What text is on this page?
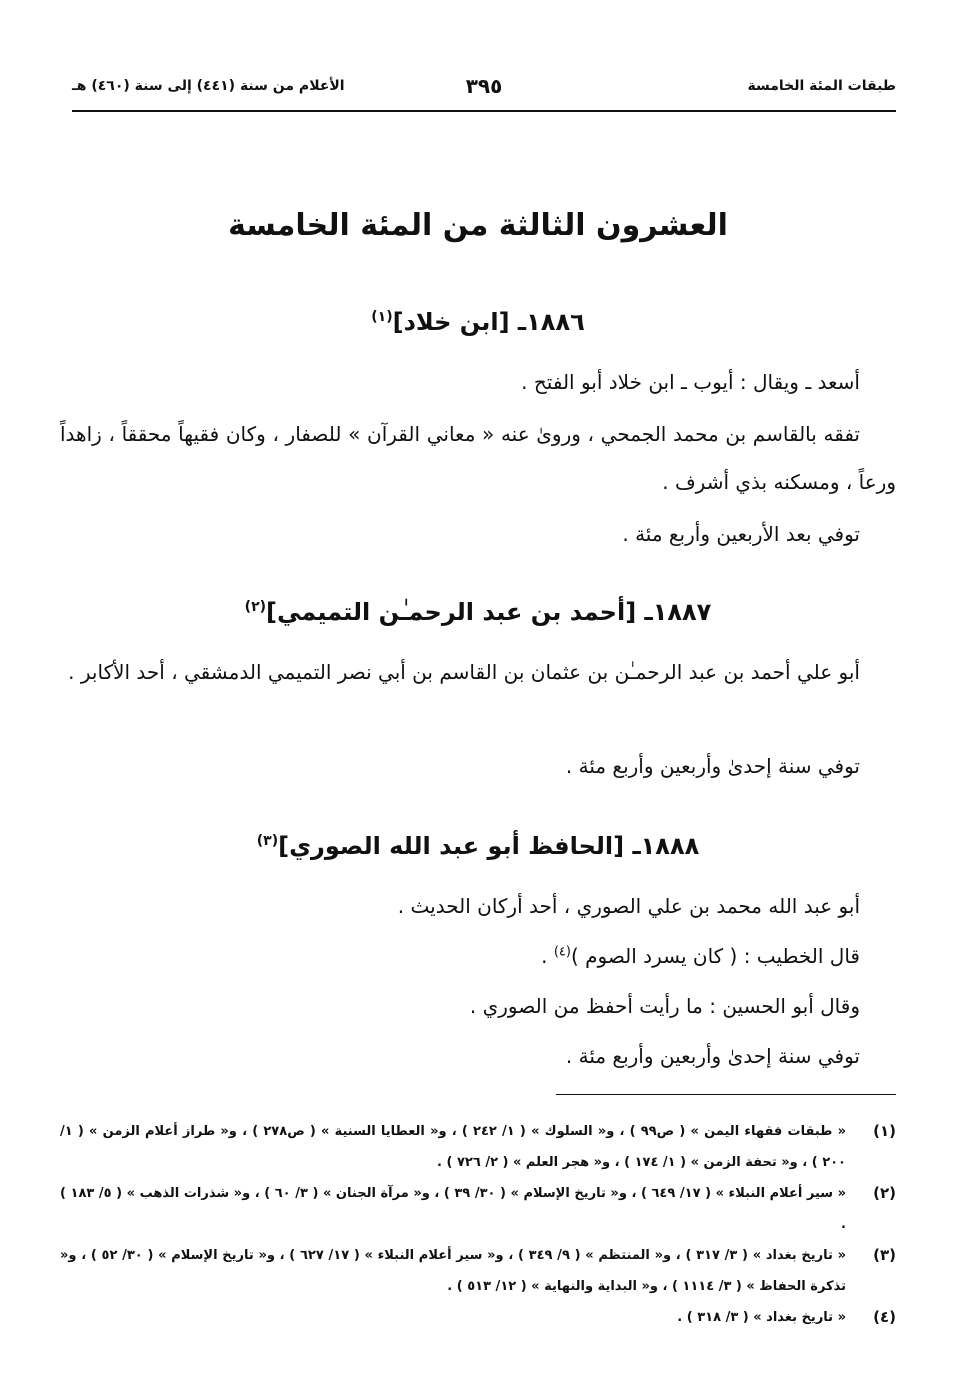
طبقات المئة الخامسة
٣٩٥
الأعلام من سنة (٤٤١) إلى سنة (٤٦٠) هـ
العشرون الثالثة من المئة الخامسة
١٨٨٦ـ [ابن خلاد]$^{(١)}$
أسعد ـ ويقال : أيوب ـ ابن خلاد أبو الفتح .
تفقه بالقاسم بن محمد الجمحي ، وروىٰ عنه « معاني القرآن » للصفار ، وكان فقيهاً محققاً ، زاهداً ورعاً ، ومسكنه بذي أشرف .
توفي بعد الأربعين وأربع مئة .
١٨٨٧ـ [أحمد بن عبد الرحمـٰن التميمي]$^{(٢)}$
أبو علي أحمد بن عبد الرحمـٰن بن عثمان بن القاسم بن أبي نصر التميمي الدمشقي ، أحد الأكابر .
توفي سنة إحدىٰ وأربعين وأربع مئة .
١٨٨٨ـ [الحافظ أبو عبد الله الصوري]$^{(٣)}$
أبو عبد الله محمد بن علي الصوري ، أحد أركان الحديث .
قال الخطيب : ( كان يسرد الصوم )$^{(٤)}$ .
وقال أبو الحسين : ما رأيت أحفظ من الصوري .
توفي سنة إحدىٰ وأربعين وأربع مئة .
(١)
« طبقات فقهاء اليمن » ( ص٩٩ ) ، و« السلوك » ( ١/ ٢٤٢ ) ، و« العطايا السنية » ( ص٢٧٨ ) ، و« طراز أعلام الزمن » ( ١/ ٢٠٠ ) ، و« تحفة الزمن » ( ١/ ١٧٤ ) ، و« هجر العلم » ( ٢/ ٧٢٦ ) .
(٢)
« سير أعلام النبلاء » ( ١٧/ ٦٤٩ ) ، و« تاريخ الإسلام » ( ٣٠/ ٣٩ ) ، و« مرآة الجنان » ( ٣/ ٦٠ ) ، و« شذرات الذهب » ( ٥/ ١٨٣ ) .
(٣)
« تاريخ بغداد » ( ٣/ ٣١٧ ) ، و« المنتظم » ( ٩/ ٣٤٩ ) ، و« سير أعلام النبلاء » ( ١٧/ ٦٢٧ ) ، و« تاريخ الإسلام » ( ٣٠/ ٥٢ ) ، و« تذكرة الحفاظ » ( ٣/ ١١١٤ ) ، و« البداية والنهاية » ( ١٢/ ٥١٣ ) .
(٤)
« تاريخ بغداد » ( ٣/ ٣١٨ ) .
